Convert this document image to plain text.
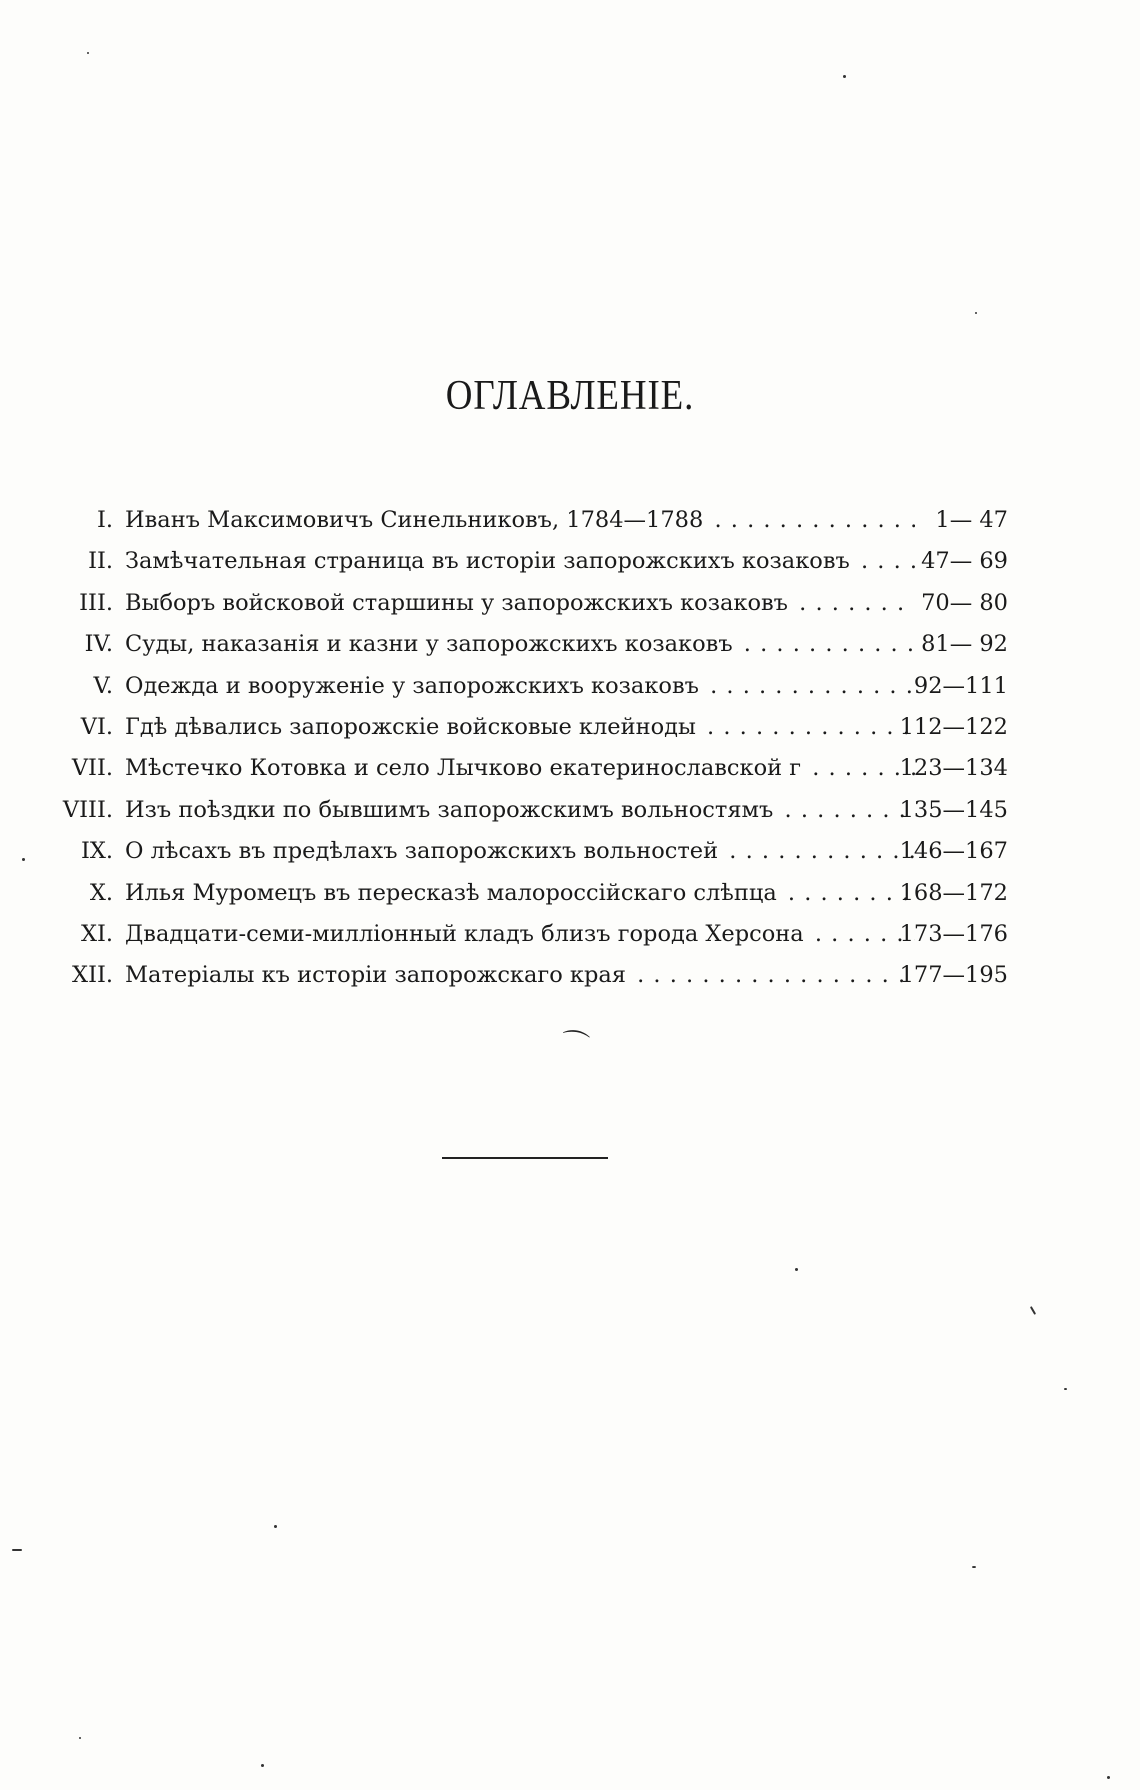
ОГЛАВЛЕНІЕ.
I. Иванъ Максимовичъ Синельниковъ, 1784—1788 . . .	1— 47
II. Замѣчательная страница въ исторіи запорожскихъ козаковъ . . .	47— 69
III. Выборъ войсковой старшины у запорожскихъ козаковъ . . .	70— 80
IV. Суды, наказанія и казни у запорожскихъ козаковъ . . .	81— 92
V. Одежда и вооруженіе у запорожскихъ козаковъ . . .	92—111
VI. Гдѣ дѣвались запорожскіе войсковые клейноды . . .	112—122
VII. Мѣстечко Котовка и село Лычково екатеринославской г . . .	123—134
VIII. Изъ поѣздки по бывшимъ запорожскимъ вольностямъ . . .	135—145
IX. О лѣсахъ въ предѣлахъ запорожскихъ вольностей . . .	146—167
X. Илья Муромецъ въ пересказѣ малороссійскаго слѣпца . . .	168—172
XI. Двадцати-семи-милліонный кладъ близъ города Херсона . . .	173—176
XII. Матеріалы къ исторіи запорожскаго края . . .	177—195
⌒
